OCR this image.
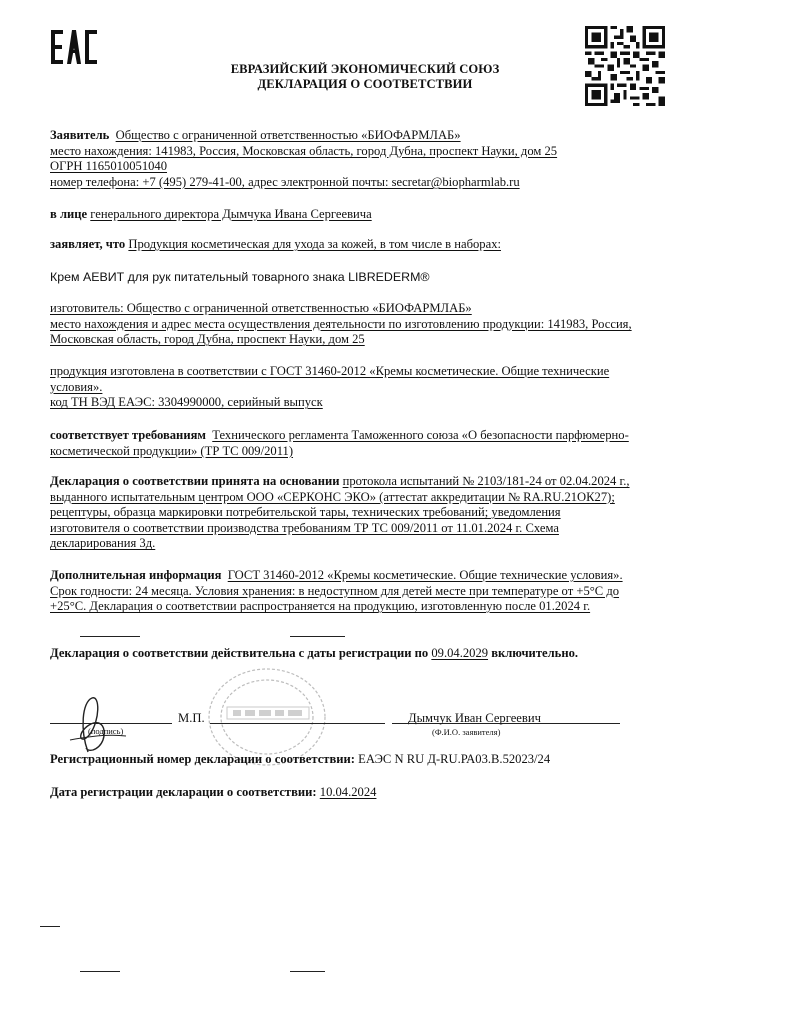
ЕВРАЗИЙСКИЙ ЭКОНОМИЧЕСКИЙ СОЮЗ
ДЕКЛАРАЦИЯ О СООТВЕТСТВИИ
Заявитель Общество с ограниченной ответственностью «БИОФАРМЛАБ»
место нахождения: 141983, Россия, Московская область, город Дубна, проспект Науки, дом 25
ОГРН 1165010051040
номер телефона: +7 (495) 279-41-00, адрес электронной почты: secretar@biopharmlab.ru
в лице генерального директора Дымчука Ивана Сергеевича
заявляет, что Продукция косметическая для ухода за кожей, в том числе в наборах:
Крем АЕВИТ для рук питательный товарного знака LIBREDERM®
изготовитель: Общество с ограниченной ответственностью «БИОФАРМЛАБ»
место нахождения и адрес места осуществления деятельности по изготовлению продукции: 141983, Россия,
Московская область, город Дубна, проспект Науки, дом 25
продукция изготовлена в соответствии с ГОСТ 31460-2012 «Кремы косметические. Общие технические
условия».
код ТН ВЭД ЕАЭС: 3304990000, серийный выпуск
соответствует требованиям Технического регламента Таможенного союза «О безопасности парфюмерно-
косметической продукции» (ТР ТС 009/2011)
Декларация о соответствии принята на основании протокола испытаний № 2103/181-24 от 02.04.2024 г.,
выданного испытательным центром ООО «СЕРКОНС ЭКО» (аттестат аккредитации № RA.RU.21ОК27);
рецептуры, образца маркировки потребительской тары, технических требований; уведомления
изготовителя о соответствии производства требованиям ТР ТС 009/2011 от 11.01.2024 г. Схема
декларирования 3д.
Дополнительная информация ГОСТ 31460-2012 «Кремы косметические. Общие технические условия».
Срок годности: 24 месяца. Условия хранения: в недоступном для детей месте при температуре от +5°C до
+25°C. Декларация о соответствии распространяется на продукцию, изготовленную после 01.2024 г.
Декларация о соответствии действительна с даты регистрации по 09.04.2029 включительно.
(подпись)
М.П.	Дымчук Иван Сергеевич
(Ф.И.О. заявителя)
Регистрационный номер декларации о соответствии: ЕАЭС N RU Д-RU.РА03.В.52023/24
Дата регистрации декларации о соответствии: 10.04.2024
